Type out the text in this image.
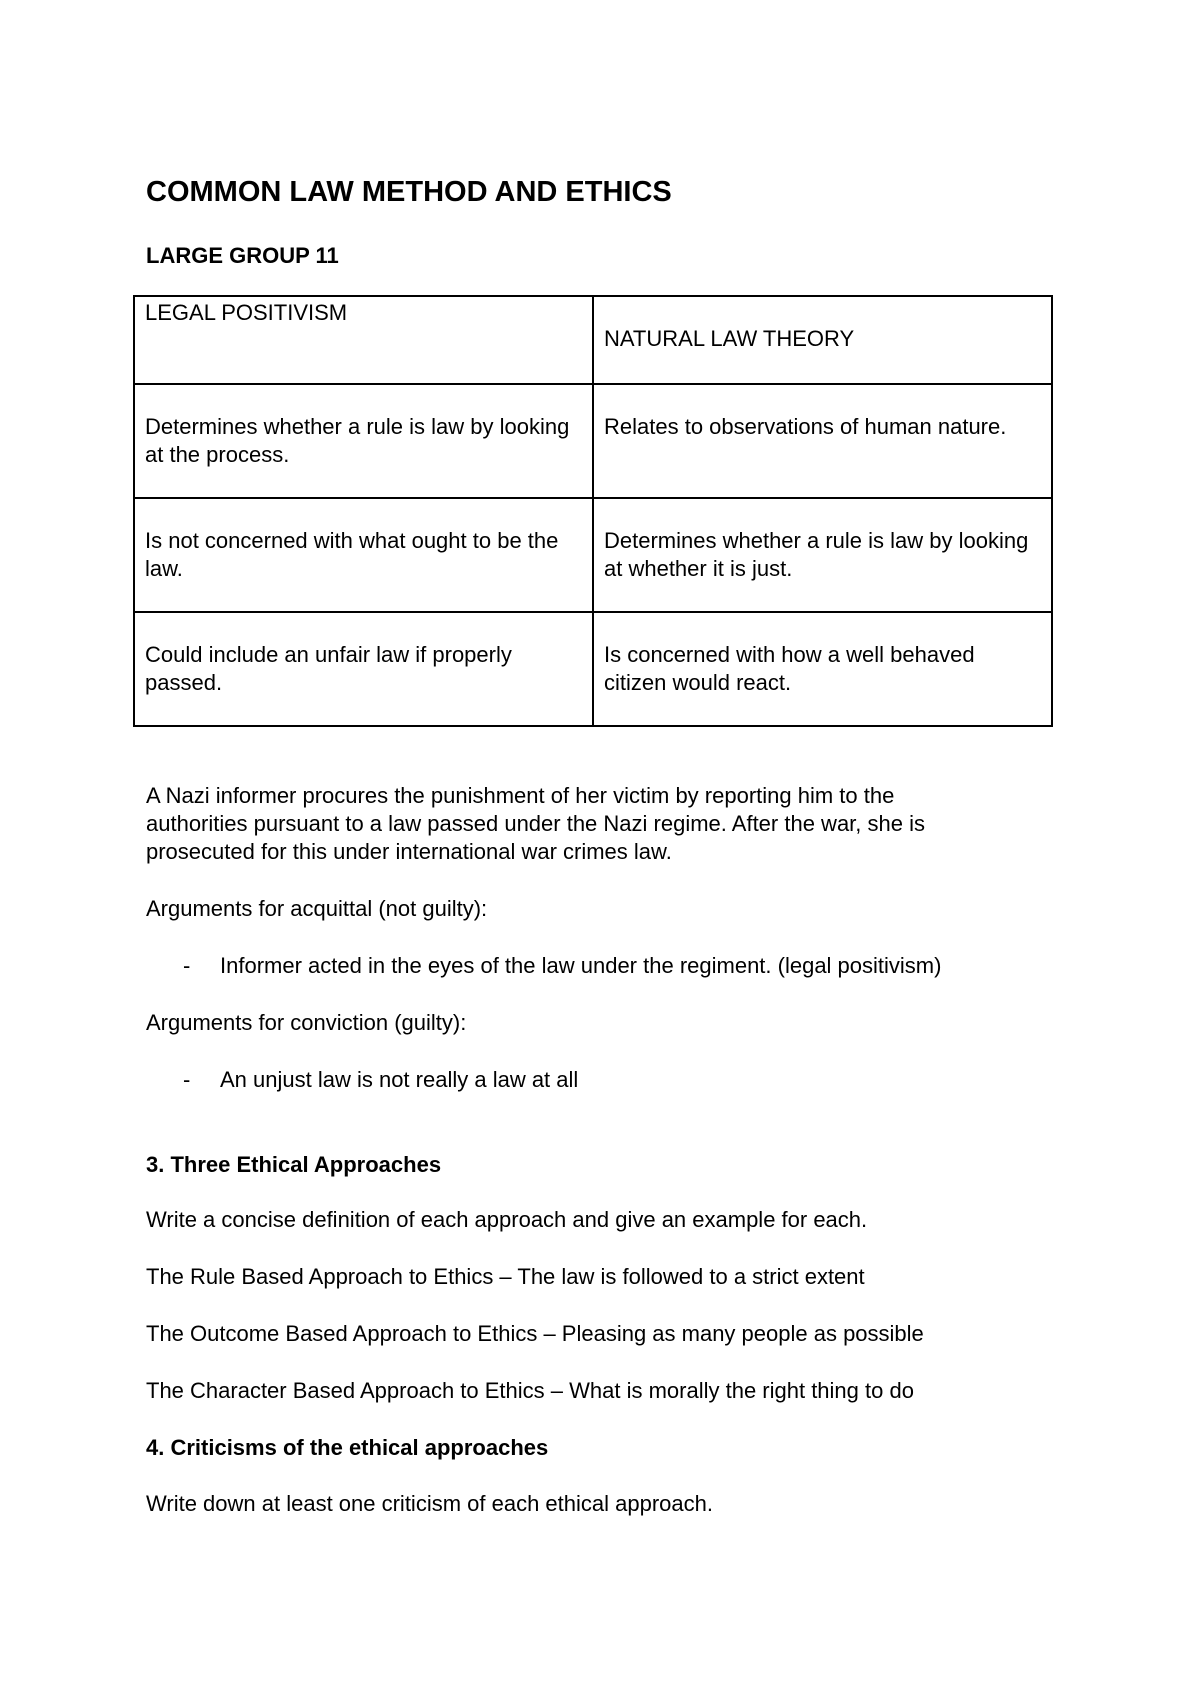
COMMON LAW METHOD AND ETHICS
LARGE GROUP 11
LEGAL POSITIVISM	NATURAL LAW THEORY

Determines whether a rule is law by looking at the process.	Relates to observations of human nature.

Is not concerned with what ought to be the law.	Determines whether a rule is law by looking at whether it is just.

Could include an unfair law if properly passed.	Is concerned with how a well behaved citizen would react.
A Nazi informer procures the punishment of her victim by reporting him to the
authorities pursuant to a law passed under the Nazi regime. After the war, she is
prosecuted for this under international war crimes law.
Arguments for acquittal (not guilty):
- Informer acted in the eyes of the law under the regiment. (legal positivism)
Arguments for conviction (guilty):
- An unjust law is not really a law at all
3. Three Ethical Approaches
Write a concise definition of each approach and give an example for each.
The Rule Based Approach to Ethics – The law is followed to a strict extent
The Outcome Based Approach to Ethics – Pleasing as many people as possible
The Character Based Approach to Ethics – What is morally the right thing to do
4. Criticisms of the ethical approaches
Write down at least one criticism of each ethical approach.
